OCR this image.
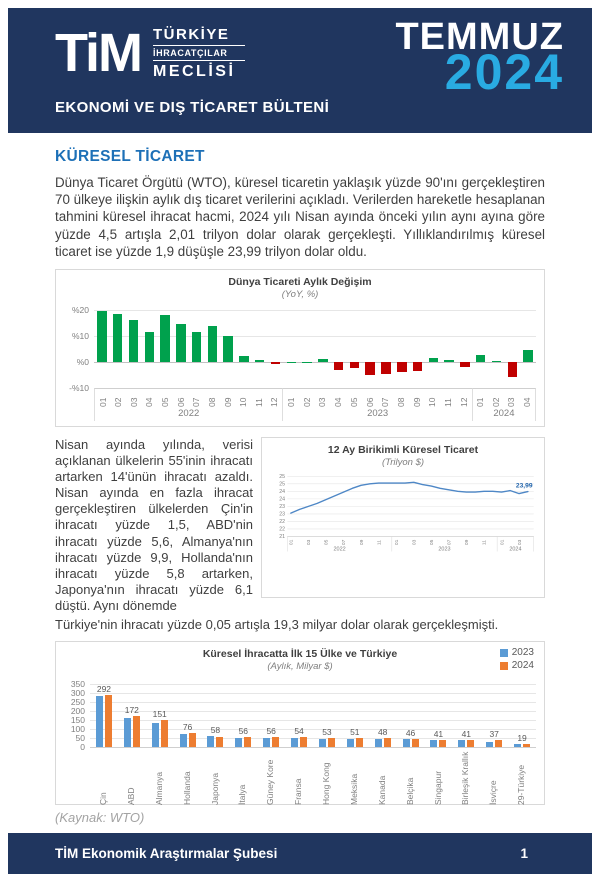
TiM TÜRKİYE
İHRACATÇILAR
MECLİSİ
TEMMUZ
2024
EKONOMİ VE DIŞ TİCARET BÜLTENİ
KÜRESEL TİCARET

Dünya Ticaret Örgütü (WTO), küresel ticaretin yaklaşık yüzde 90'ını gerçekleştiren 70 ülkeye ilişkin aylık dış ticaret verilerini açıkladı. Verilerden hareketle hesaplanan tahmini küresel ihracat hacmi, 2024 yılı Nisan ayında önceki yılın aynı ayına göre yüzde 4,5 artışla 2,01 trilyon dolar olarak gerçekleşti. Yıllıklandırılmış küresel ticaret ise yüzde 1,9 düşüşle 23,99 trilyon dolar oldu.

Dünya Ticareti Aylık Değişim
(YoY, %)
%20
%10
%0
-%10
01 02 03 04 05 06 07 08 09 10 11 12
2022
01 02 03 04 05 06 07 08 09 10 11 12
2023
01 02 03 04
2024

Nisan ayında yılında, verisi açıklanan ülkelerin 55'inin ihracatı artarken 14'ünün ihracatı azaldı. Nisan ayında en fazla ihracat gerçekleştiren ülkelerden Çin'in ihracatı yüzde 1,5, ABD'nin ihracatı yüzde 5,6, Almanya'nın ihracatı yüzde 9,9, Hollanda'nın ihracatı yüzde 5,8 artarken, Japonya'nın ihracatı yüzde 6,1 düştü. Aynı dönemde

12 Ay Birikimli Küresel Ticaret
(Trilyon $)
25
25
24
24
23
23
22
22
21
01 03 05 07 09 11 01 03 05 07 09 11 01 03
2022	2023	2024
23,99

Türkiye'nin ihracatı yüzde 0,05 artışla 19,3 milyar dolar olarak gerçekleşmişti.

Küresel İhracatta İlk 15 Ülke ve Türkiye
(Aylık, Milyar $)
2023
2024
350
300
250
200
150
100
50
0
292
Çin
172
ABD
151
Almanya
76
Hollanda
58
Japonya
56
İtalya
56
Güney Kore
54
Fransa
53
Hong Kong
51
Meksika
48
Kanada
46
Belçika
41
Singapur
41
Birleşik Krallık
37
İsviçre
19
29-Türkiye

(Kaynak: WTO)

TİM Ekonomik Araştırmalar Şubesi	1
